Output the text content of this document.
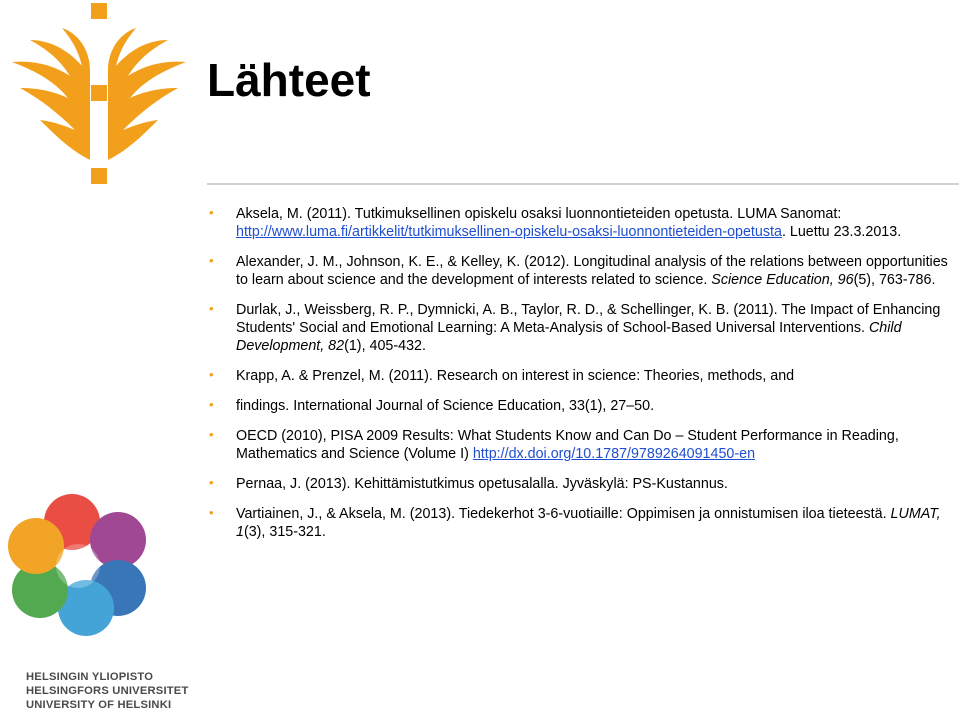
Lähteet
• Aksela, M. (2011). Tutkimuksellinen opiskelu osaksi luonnontieteiden opetusta. LUMA Sanomat: http://www.luma.fi/artikkelit/tutkimuksellinen-opiskelu-osaksi-luonnontieteiden-opetusta. Luettu 23.3.2013.
• Alexander, J. M., Johnson, K. E., & Kelley, K. (2012). Longitudinal analysis of the relations between opportunities to learn about science and the development of interests related to science. Science Education, 96(5), 763-786.
• Durlak, J., Weissberg, R. P., Dymnicki, A. B., Taylor, R. D., & Schellinger, K. B. (2011). The Impact of Enhancing Students' Social and Emotional Learning: A Meta-Analysis of School-Based Universal Interventions. Child Development, 82(1), 405-432.
• Krapp, A. & Prenzel, M. (2011). Research on interest in science: Theories, methods, and
• findings. International Journal of Science Education, 33(1), 27–50.
• OECD (2010), PISA 2009 Results: What Students Know and Can Do – Student Performance in Reading, Mathematics and Science (Volume I) http://dx.doi.org/10.1787/9789264091450-en
• Pernaa, J. (2013). Kehittämistutkimus opetusalalla. Jyväskylä: PS-Kustannus.
• Vartiainen, J., & Aksela, M. (2013). Tiedekerhot 3-6-vuotiaille: Oppimisen ja onnistumisen iloa tieteestä. LUMAT, 1(3), 315-321.
HELSINGIN YLIOPISTO
HELSINGFORS UNIVERSITET
UNIVERSITY OF HELSINKI
